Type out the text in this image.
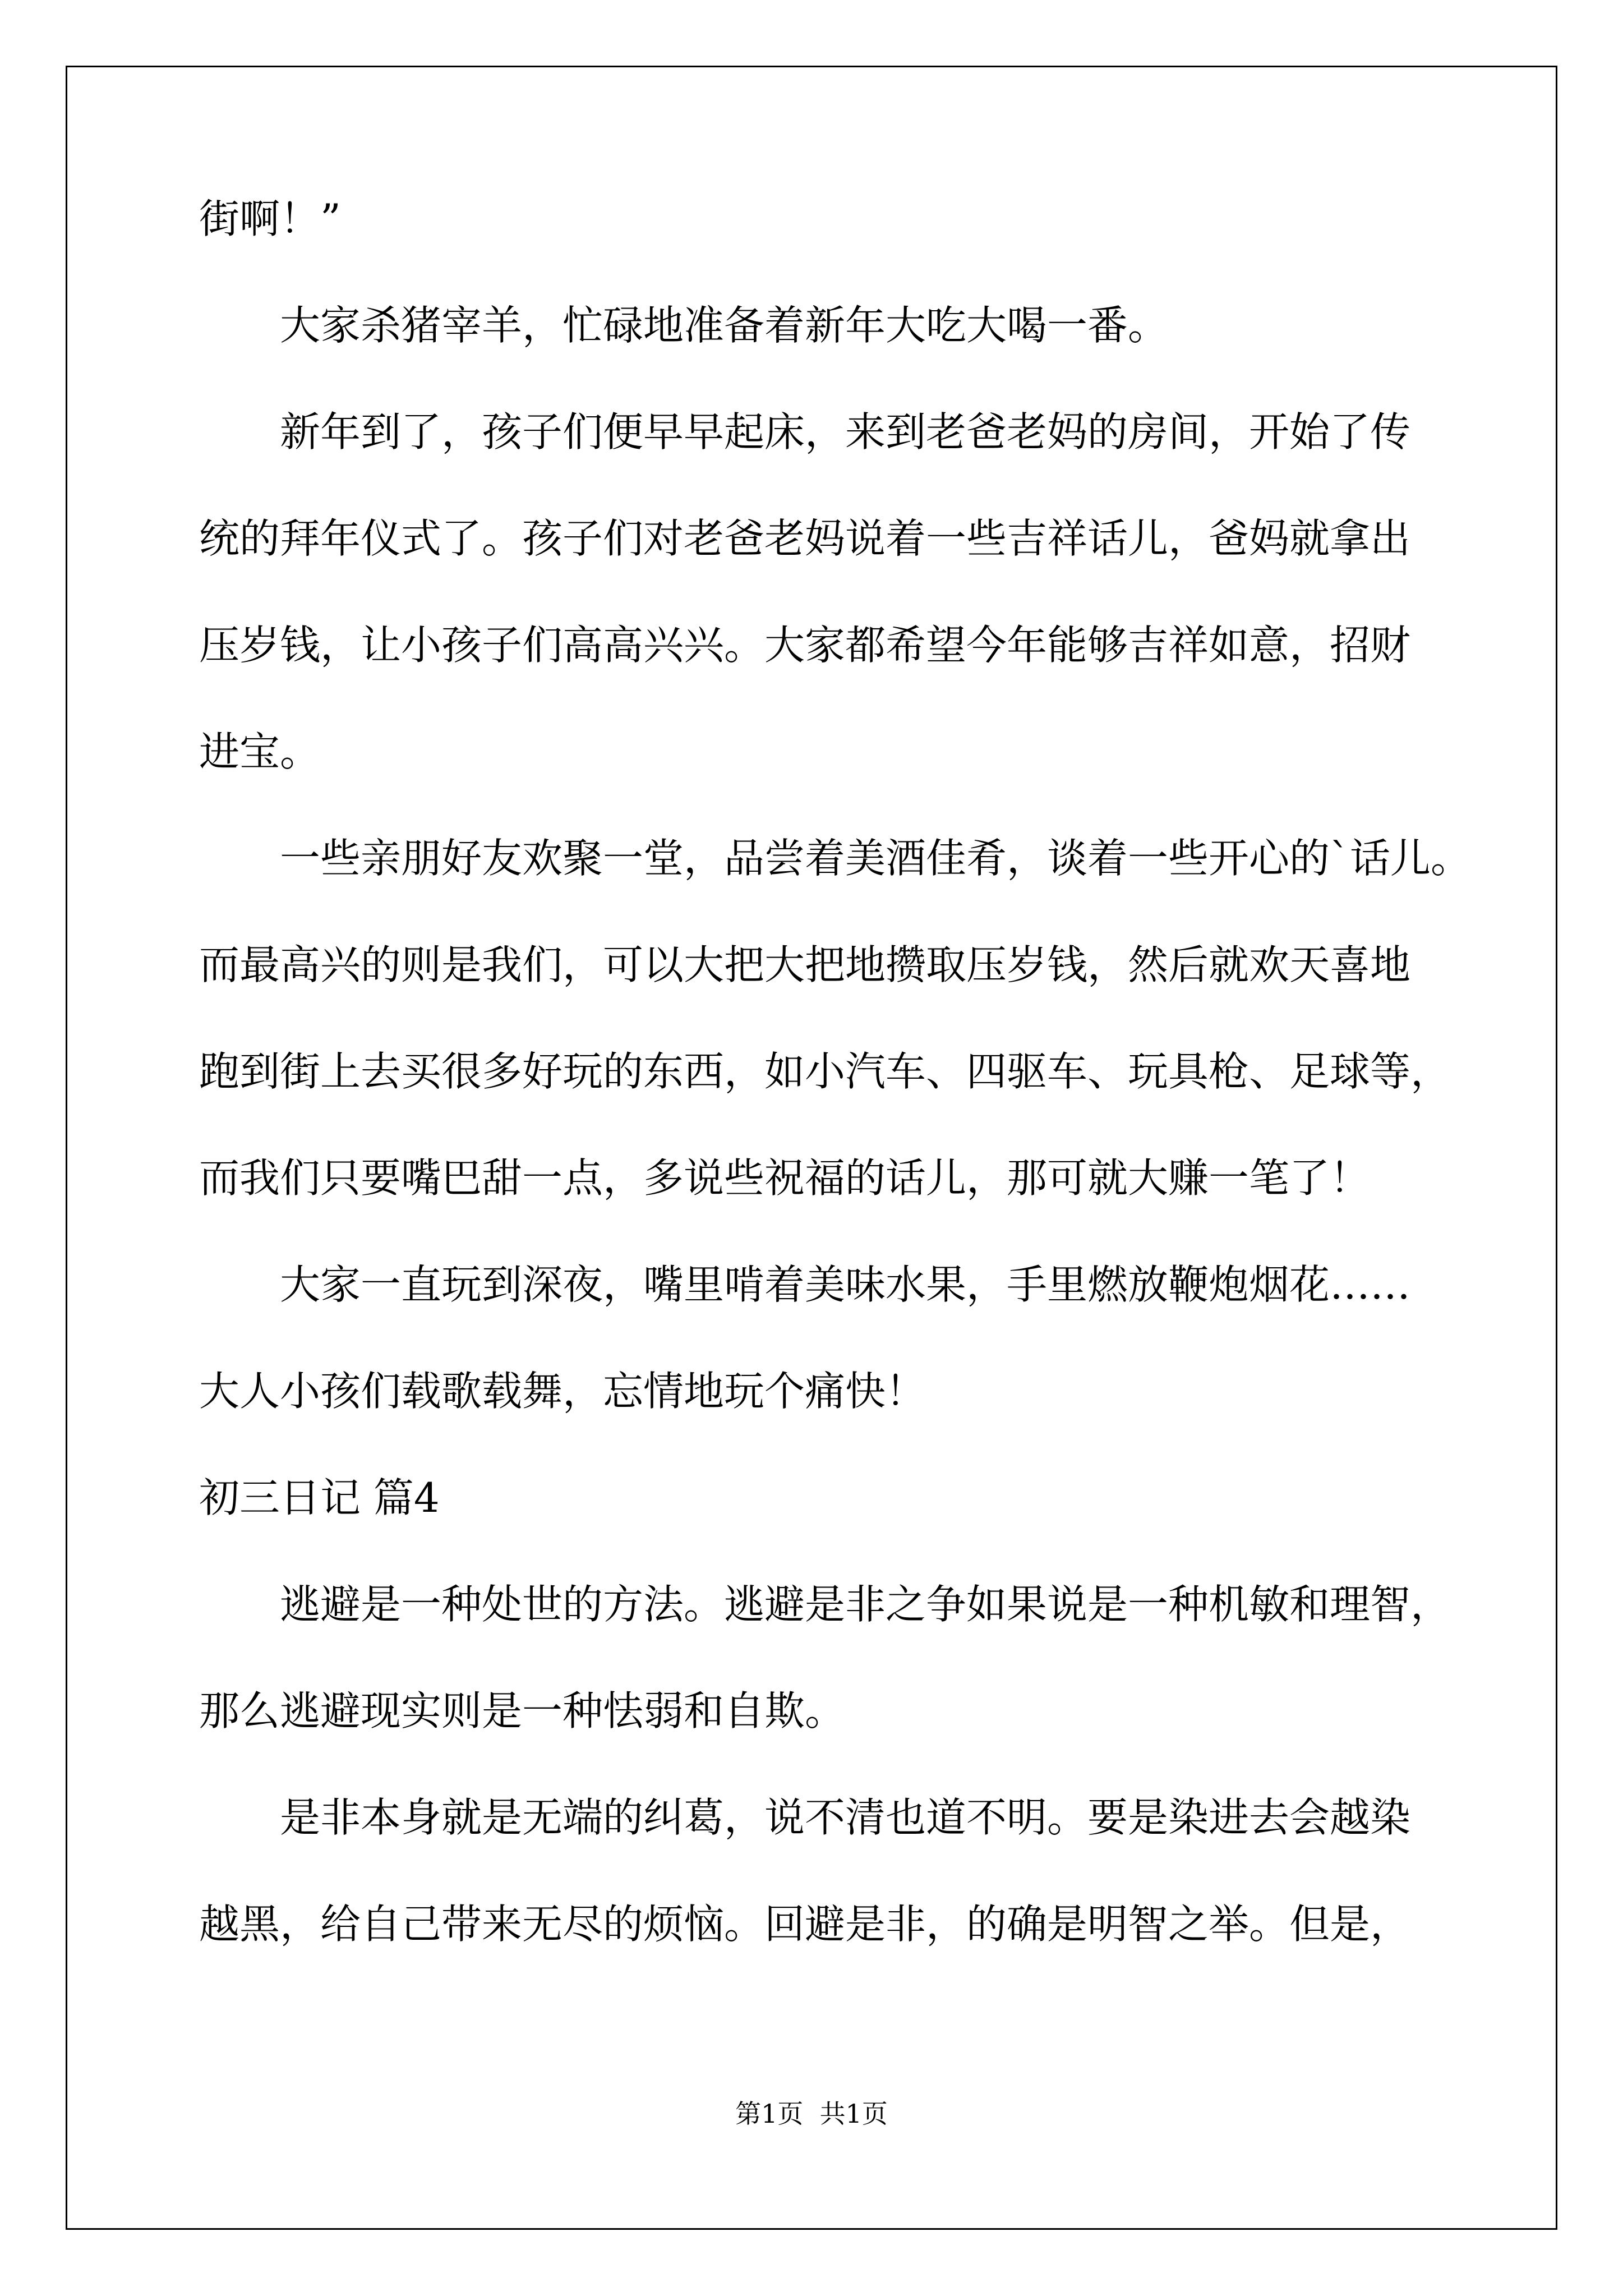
街啊！”
大家杀猪宰羊，忙碌地准备着新年大吃大喝一番。
新年到了，孩子们便早早起床，来到老爸老妈的房间，开始了传
统的拜年仪式了。孩子们对老爸老妈说着一些吉祥话儿，爸妈就拿出
压岁钱，让小孩子们高高兴兴。大家都希望今年能够吉祥如意，招财
进宝。
一些亲朋好友欢聚一堂，品尝着美酒佳肴，谈着一些开心的`话儿。
而最高兴的则是我们，可以大把大把地攒取压岁钱，然后就欢天喜地
跑到街上去买很多好玩的东西，如小汽车、四驱车、玩具枪、足球等，
而我们只要嘴巴甜一点，多说些祝福的话儿，那可就大赚一笔了！
大家一直玩到深夜，嘴里啃着美味水果，手里燃放鞭炮烟花……
大人小孩们载歌载舞，忘情地玩个痛快！
初三日记 篇4
逃避是一种处世的方法。逃避是非之争如果说是一种机敏和理智，
那么逃避现实则是一种怯弱和自欺。
是非本身就是无端的纠葛，说不清也道不明。要是染进去会越染
越黑，给自己带来无尽的烦恼。回避是非，的确是明智之举。但是，
第1页  共1页
